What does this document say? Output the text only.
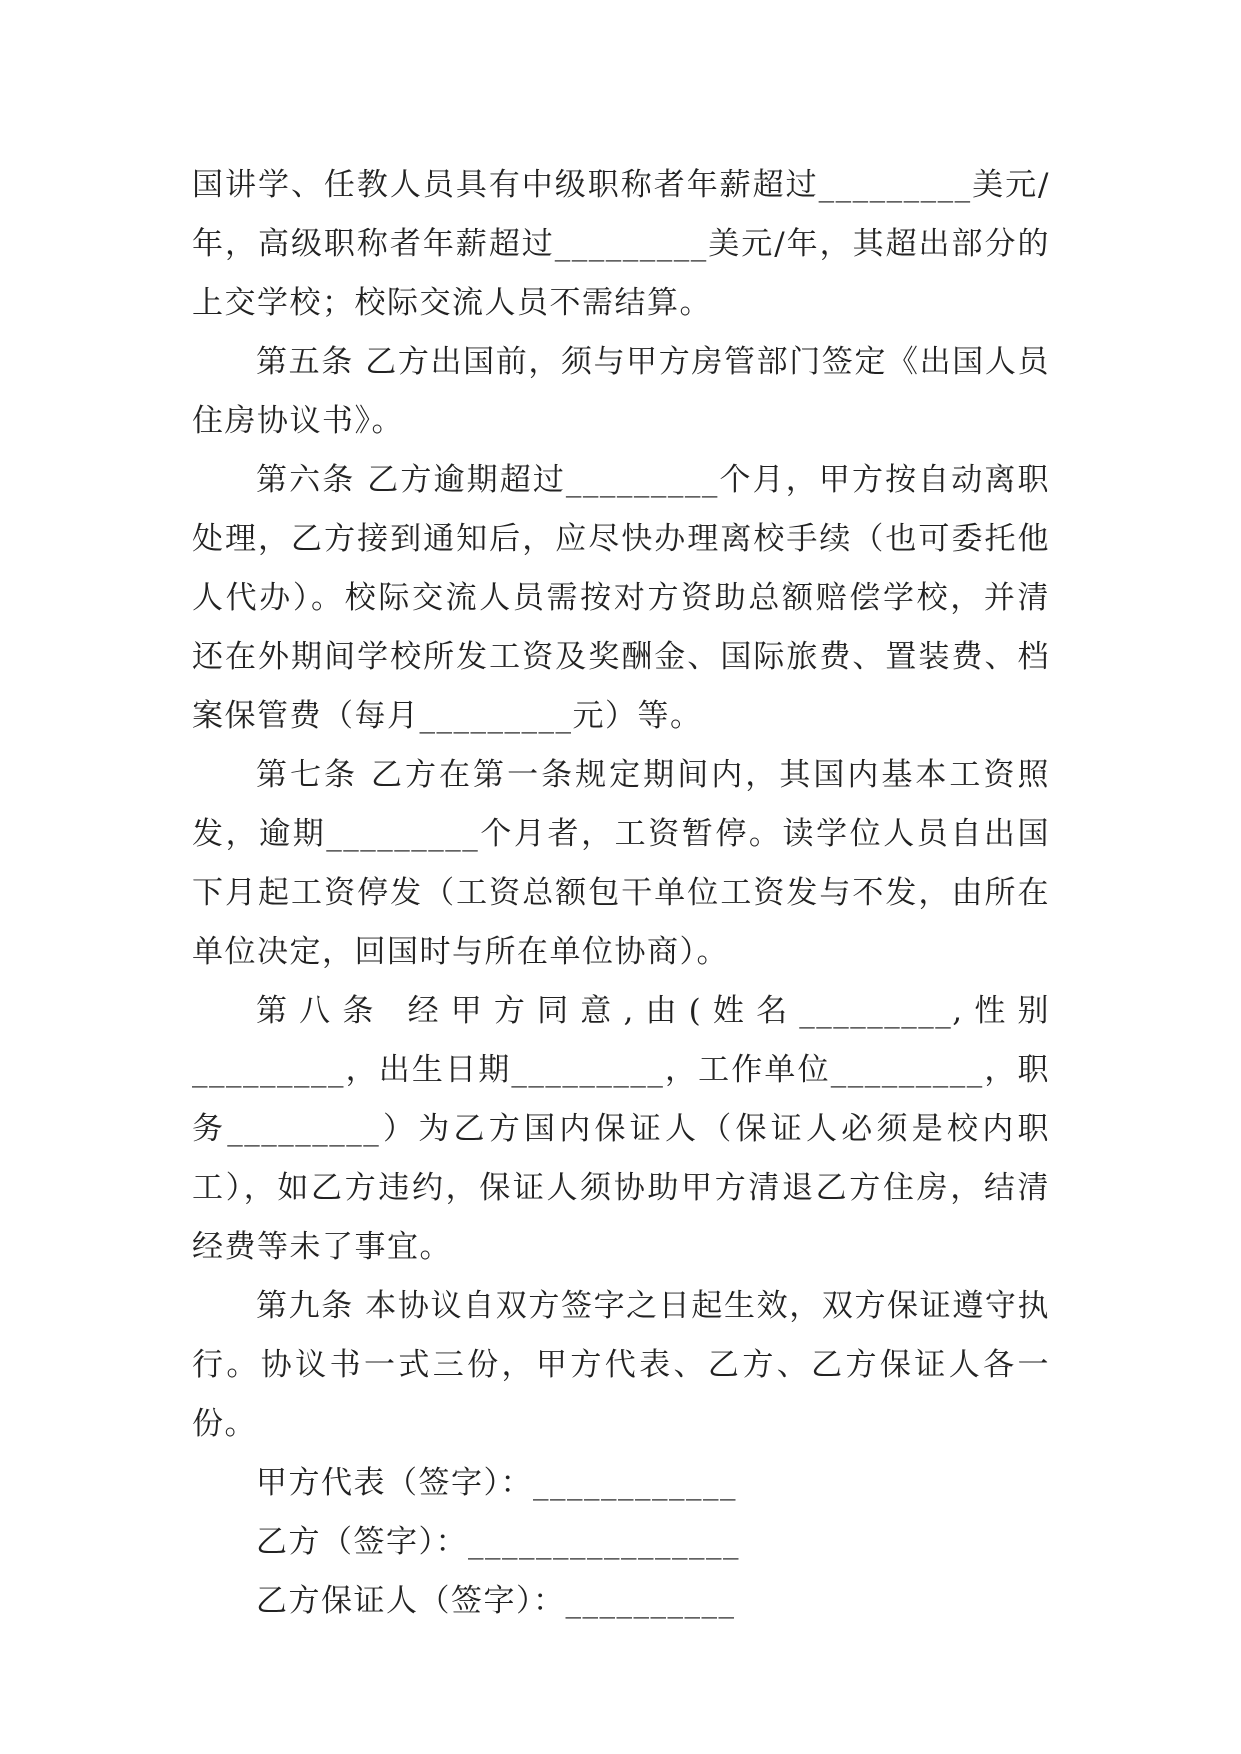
国讲学、任教人员具有中级职称者年薪超过_________美元/年，高级职称者年薪超过_________美元/年，其超出部分的上交学校；校际交流人员不需结算。

第五条 乙方出国前，须与甲方房管部门签定《出国人员住房协议书》。

第六条 乙方逾期超过_________个月，甲方按自动离职处理，乙方接到通知后，应尽快办理离校手续（也可委托他人代办）。校际交流人员需按对方资助总额赔偿学校，并清还在外期间学校所发工资及奖酬金、国际旅费、置装费、档案保管费（每月_________元）等。

第七条 乙方在第一条规定期间内，其国内基本工资照发，逾期_________个月者，工资暂停。读学位人员自出国下月起工资停发（工资总额包干单位工资发与不发，由所在单位决定，回国时与所在单位协商）。

第八条 经甲方同意,由(姓名_________,性别_________，出生日期_________，工作单位_________，职务_________）为乙方国内保证人（保证人必须是校内职工），如乙方违约，保证人须协助甲方清退乙方住房，结清经费等未了事宜。

第九条 本协议自双方签字之日起生效，双方保证遵守执行。协议书一式三份，甲方代表、乙方、乙方保证人各一份。

甲方代表（签字）：____________

乙方（签字）：________________

乙方保证人（签字）：__________
